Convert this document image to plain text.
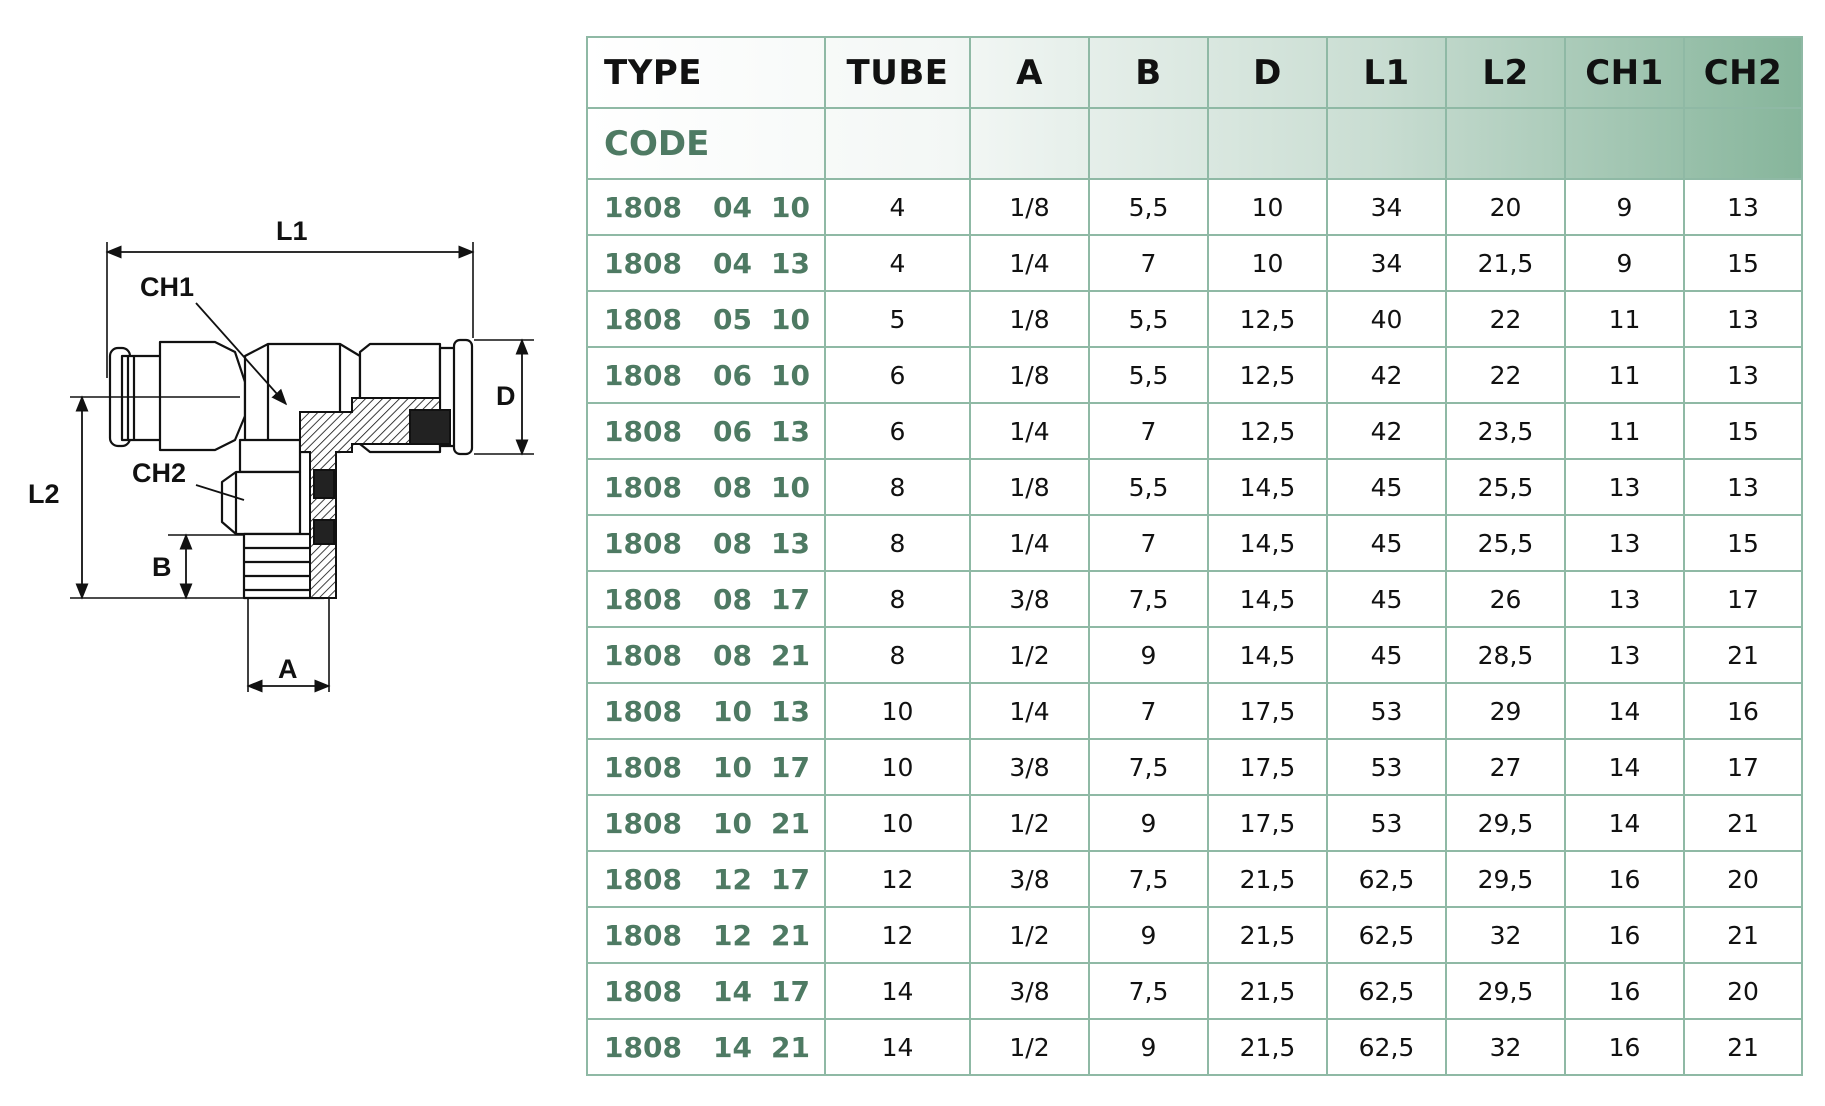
L1
CH1
D
L2
CH2
B
A
TYPE	TUBE	A	B	D	L1	L2	CH1	CH2
CODE								
1808 04 10	4	1/8	5,5	10	34	20	9	13
1808 04 13	4	1/4	7	10	34	21,5	9	15
1808 05 10	5	1/8	5,5	12,5	40	22	11	13
1808 06 10	6	1/8	5,5	12,5	42	22	11	13
1808 06 13	6	1/4	7	12,5	42	23,5	11	15
1808 08 10	8	1/8	5,5	14,5	45	25,5	13	13
1808 08 13	8	1/4	7	14,5	45	25,5	13	15
1808 08 17	8	3/8	7,5	14,5	45	26	13	17
1808 08 21	8	1/2	9	14,5	45	28,5	13	21
1808 10 13	10	1/4	7	17,5	53	29	14	16
1808 10 17	10	3/8	7,5	17,5	53	27	14	17
1808 10 21	10	1/2	9	17,5	53	29,5	14	21
1808 12 17	12	3/8	7,5	21,5	62,5	29,5	16	20
1808 12 21	12	1/2	9	21,5	62,5	32	16	21
1808 14 17	14	3/8	7,5	21,5	62,5	29,5	16	20
1808 14 21	14	1/2	9	21,5	62,5	32	16	21
